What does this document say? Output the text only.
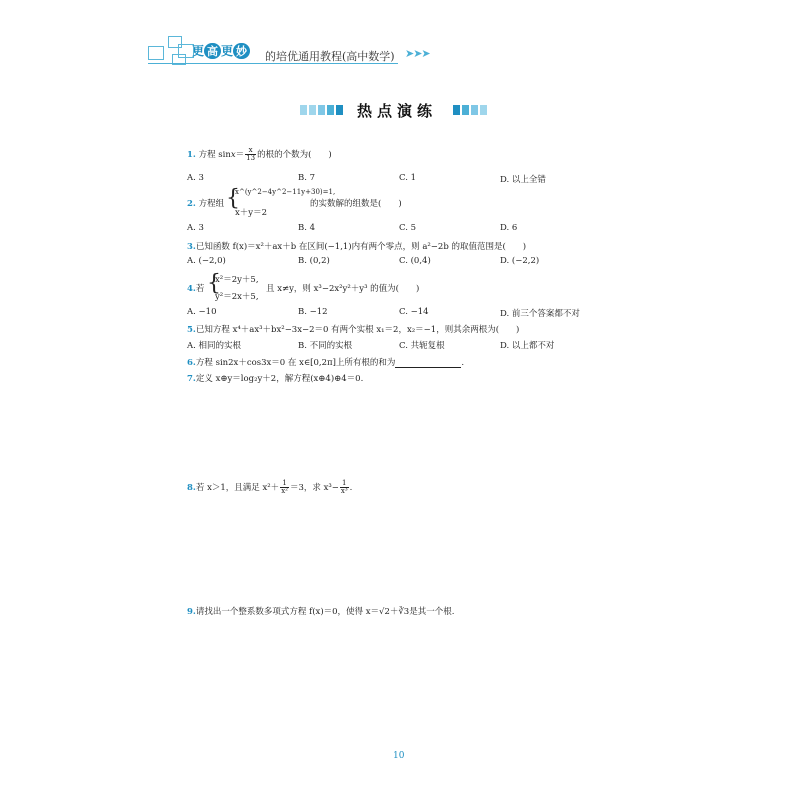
更 高 更 妙 的培优通用教程(高中数学) ➤➤➤
热点演练
1. 方程 $\sin x= \frac{x}{13}$ 的根的个数为(　　)
A. 3	B. 7	C. 1	D. 以上全错
2. 方程组 {
x^(y^2−4y^2−11y+30)=1,
x＋y＝2
的实数解的组数是(　　)
A. 3	B. 4	C. 5	D. 6
3.已知函数 f(x)＝x²＋ax＋b 在区间(−1,1)内有两个零点，则 a²−2b 的取值范围是(　　)
A. (−2,0)	B. (0,2)	C. (0,4)	D. (−2,2)
4.若 {
x²＝2y＋5,
y²＝2x＋5,
且 x≠y，则 x³−2x²y²＋y³ 的值为(　　)
A. −10	B. −12	C. −14	D. 前三个答案都不对
5.已知方程 x⁴＋ax³＋bx²−3x−2＝0 有两个实根 x₁＝2，x₂＝−1，则其余两根为(　　)
A. 相同的实根	B. 不同的实根	C. 共轭复根	D. 以上都不对
6.方程 sin2x＋cos3x＝0 在 x∈[0,2π]上所有根的和为	.
7.定义 x⊕y＝log₂y＋2，解方程(x⊕4)⊕4＝0.
8.若 x＞1，且满足 $x^2+ \frac{1}{\text{x²}} =3$，求 $x^3- \frac{1}{\text{x³}}$ .
9.请找出一个整系数多项式方程 f(x)＝0，使得 x＝√2＋∛3是其一个根.
10
